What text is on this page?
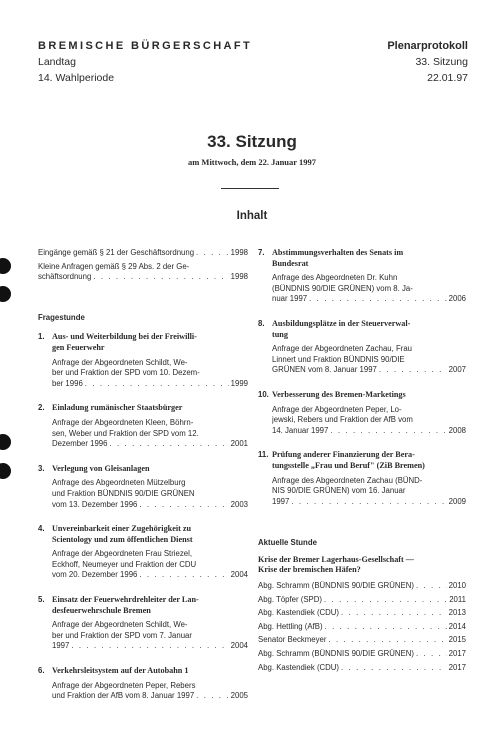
BREMISCHE BÜRGERSCHAFT
Landtag
14. Wahlperiode
Plenarprotokoll
33. Sitzung
22.01.97
33. Sitzung
am Mittwoch, dem 22. Januar 1997
Inhalt
Eingänge gemäß § 21 der Geschäftsordnung . . .	1998
Kleine Anfragen gemäß § 29 Abs. 2 der Ge-
schäftsordnung . . .	1998
Fragestunde
1. Aus- und Weiterbildung bei der Freiwilli-
gen Feuerwehr
Anfrage der Abgeordneten Schildt, We-
ber und Fraktion der SPD vom 10. Dezem-
ber 1996 . . .	1999
2. Einladung rumänischer Staatsbürger
Anfrage der Abgeordneten Kleen, Böhrn-
sen, Weber und Fraktion der SPD vom 12.
Dezember 1996 . . .	2001
3. Verlegung von Gleisanlagen
Anfrage des Abgeordneten Mützelburg
und Fraktion BÜNDNIS 90/DIE GRÜNEN
vom 13. Dezember 1996 . . .	2003
4. Unvereinbarkeit einer Zugehörigkeit zu
Scientology und zum öffentlichen Dienst
Anfrage der Abgeordneten Frau Striezel,
Eckhoff, Neumeyer und Fraktion der CDU
vom 20. Dezember 1996 . . .	2004
5. Einsatz der Feuerwehrdrehleiter der Lan-
desfeuerwehrschule Bremen
Anfrage der Abgeordneten Schildt, We-
ber und Fraktion der SPD vom 7. Januar
1997 . . .	2004
6. Verkehrsleitsystem auf der Autobahn 1
Anfrage der Abgeordneten Peper, Rebers
und Fraktion der AfB vom 8. Januar 1997 . . .	2005
7. Abstimmungsverhalten des Senats im
Bundesrat
Anfrage des Abgeordneten Dr. Kuhn
(BÜNDNIS 90/DIE GRÜNEN) vom 8. Ja-
nuar 1997 . . .	2006
8. Ausbildungsplätze in der Steuerverwal-
tung
Anfrage der Abgeordneten Zachau, Frau
Linnert und Fraktion BÜNDNIS 90/DIE
GRÜNEN vom 8. Januar 1997 . . .	2007
10. Verbesserung des Bremen-Marketings
Anfrage der Abgeordneten Peper, Lo-
jewski, Rebers und Fraktion der AfB vom
14. Januar 1997 . . .	2008
11. Prüfung anderer Finanzierung der Bera-
tungsstelle „Frau und Beruf" (ZiB Bremen)
Anfrage des Abgeordneten Zachau (BÜND-
NIS 90/DIE GRÜNEN) vom 16. Januar
1997 . . .	2009
Aktuelle Stunde
Krise der Bremer Lagerhaus-Gesellschaft —
Krise der bremischen Häfen?
Abg. Schramm (BÜNDNIS 90/DIE GRÜNEN) . . .	2010
Abg. Töpfer (SPD) . . .	2011
Abg. Kastendiek (CDU) . . .	2013
Abg. Hettling (AfB) . . .	2014
Senator Beckmeyer . . .	2015
Abg. Schramm (BÜNDNIS 90/DIE GRÜNEN) . . .	2017
Abg. Kastendiek (CDU) . . .	2017
